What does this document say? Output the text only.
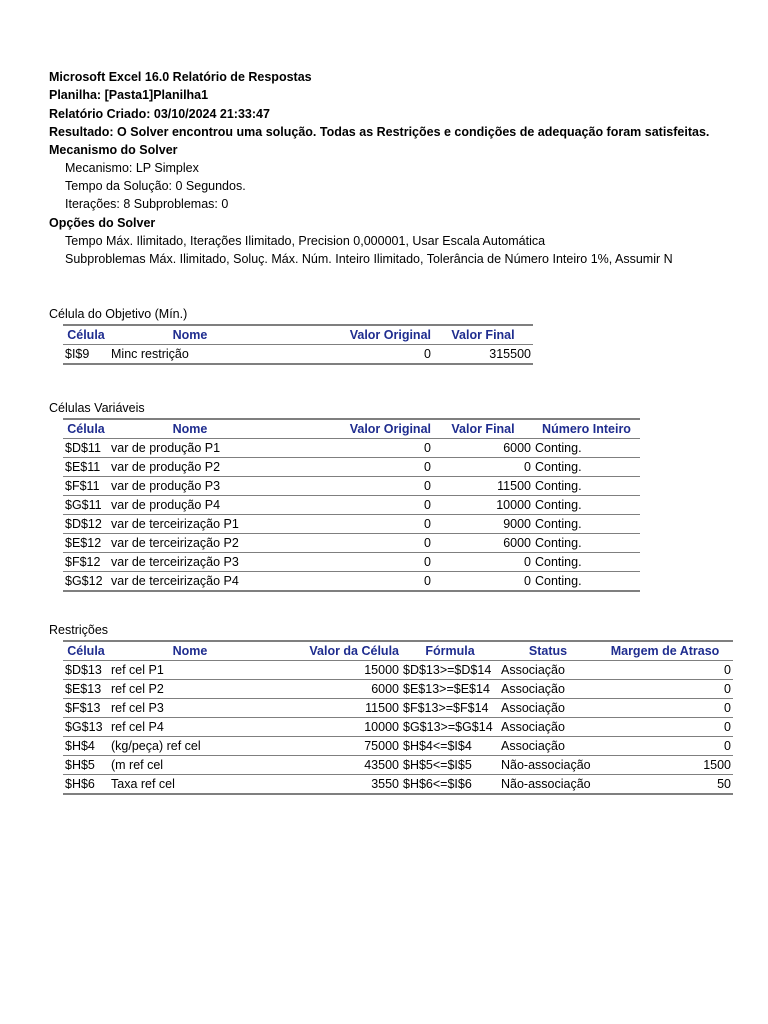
Microsoft Excel 16.0 Relatório de Respostas
Planilha: [Pasta1]Planilha1
Relatório Criado: 03/10/2024 21:33:47
Resultado: O Solver encontrou uma solução. Todas as Restrições e condições de adequação foram satisfeitas.
Mecanismo do Solver
Mecanismo: LP Simplex
Tempo da Solução: 0 Segundos.
Iterações: 8 Subproblemas: 0
Opções do Solver
Tempo Máx. Ilimitado, Iterações Ilimitado, Precision 0,000001, Usar Escala Automática
Subproblemas Máx. Ilimitado, Soluç. Máx. Núm. Inteiro Ilimitado, Tolerância de Número Inteiro 1%, Assumir N
Célula do Objetivo (Mín.)
Célula	Nome	Valor Original	Valor Final
$I$9	Minc restrição	0	315500
Células Variáveis
Célula	Nome	Valor Original	Valor Final	Número Inteiro
$D$11	var de produção P1	0	6000	Conting.
$E$11	var de produção P2	0	0	Conting.
$F$11	var de produção P3	0	11500	Conting.
$G$11	var de produção P4	0	10000	Conting.
$D$12	var de terceirização P1	0	9000	Conting.
$E$12	var de terceirização P2	0	6000	Conting.
$F$12	var de terceirização P3	0	0	Conting.
$G$12	var de terceirização P4	0	0	Conting.
Restrições
Célula	Nome	Valor da Célula	Fórmula	Status	Margem de Atraso
$D$13	ref cel P1	15000	$D$13>=$D$14	Associação	0
$E$13	ref cel P2	6000	$E$13>=$E$14	Associação	0
$F$13	ref cel P3	11500	$F$13>=$F$14	Associação	0
$G$13	ref cel P4	10000	$G$13>=$G$14	Associação	0
$H$4	(kg/peça) ref cel	75000	$H$4<=$I$4	Associação	0
$H$5	(m ref cel	43500	$H$5<=$I$5	Não-associação	1500
$H$6	Taxa ref cel	3550	$H$6<=$I$6	Não-associação	50
